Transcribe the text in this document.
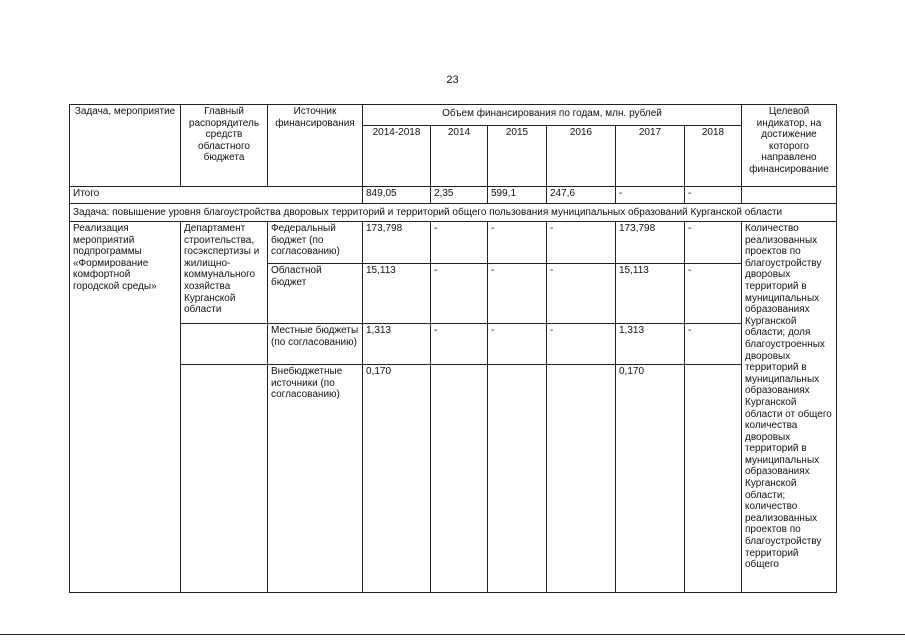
23
Задача, мероприятие	Главный распорядитель средств областного бюджета	Источник финансирования	Объем финансирования по годам, млн. рублей						Целевой индикатор, на достижение которого направлено финансирование
			2014-2018	2014	2015	2016	2017	2018	
Итого			849,05	2,35	599,1	247,6	-	-	
Задача: повышение уровня благоустройства дворовых территорий и территорий общего пользования муниципальных образований Курганской области									
Реализация мероприятий подпрограммы «Формирование комфортной городской среды»	Департамент строительства, госэкспертизы и жилищно-коммунального хозяйства Курганской области	Федеральный бюджет (по согласованию)	173,798	-	-	-	173,798	-	Количество реализованных проектов по благоустройству дворовых территорий в муниципальных образованиях Курганской области; доля благоустроенных дворовых территорий в муниципальных образованиях Курганской области от общего количества дворовых территорий в муниципальных образованиях Курганской области; количество реализованных проектов по благоустройству территорий общего
		Областной бюджет	15,113	-	-	-	15,113	-	
		Местные бюджеты (по согласованию)	1,313	-	-	-	1,313	-	
		Внебюджетные источники (по согласованию)	0,170				0,170		
